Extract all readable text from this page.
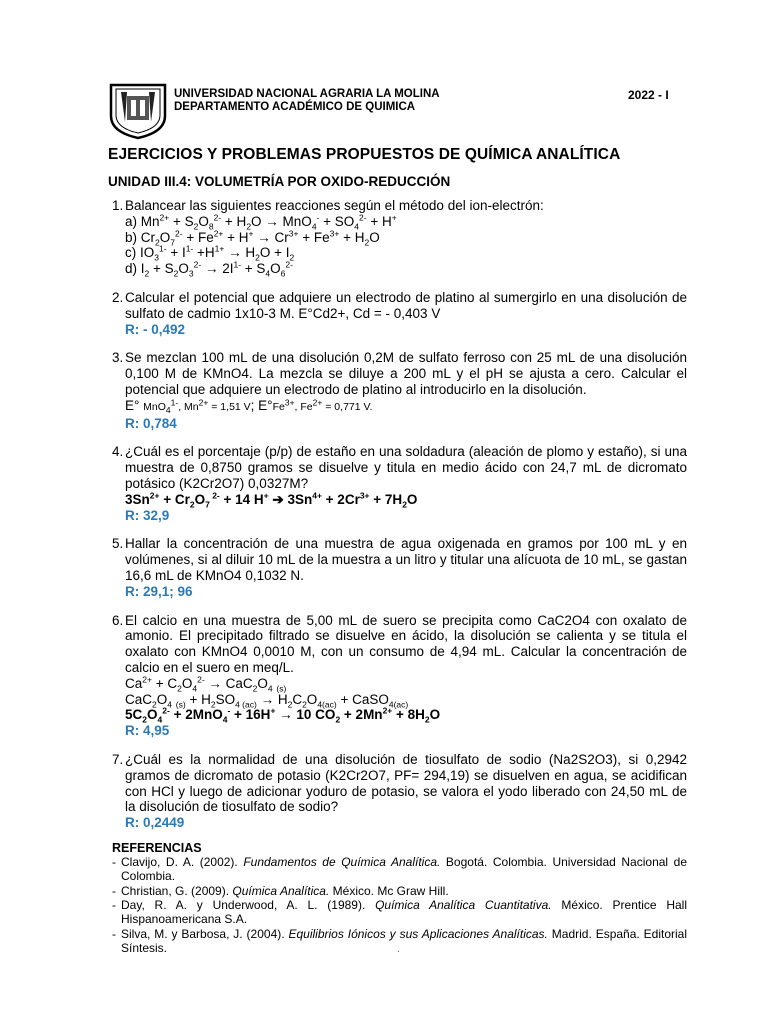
UNIVERSIDAD NACIONAL AGRARIA LA MOLINA
DEPARTAMENTO ACADÉMICO DE QUIMICA
2022 - I
EJERCICIOS Y PROBLEMAS PROPUESTOS DE QUÍMICA ANALÍTICA
UNIDAD III.4: VOLUMETRÍA POR OXIDO-REDUCCIÓN
1. Balancear las siguientes reacciones según el método del ion-electrón:
a) $Mn^{2+} + S_2O_8^{2-} + H_2O \to MnO_4^- + SO_4^{2-} + H^+$
b) $Cr_2O_7^{2-} + Fe^{2+} + H^+ \to Cr^{3+} + Fe^{3+} + H_2O$
c) $IO_3^{1-} + I^{1-} +H^{1+} \to H_2O + I_2$
d) $I_2 + S_2O_3^{2-} \to 2I^{1-} + S_4O_6^{2-}$
2. Calcular el potencial que adquiere un electrodo de platino al sumergirlo en una disolución de sulfato de cadmio 1x10-3 M. E°Cd2+, Cd = - 0,403 V
R: - 0,492
3. Se mezclan 100 mL de una disolución 0,2M de sulfato ferroso con 25 mL de una disolución 0,100 M de KMnO4. La mezcla se diluye a 200 mL y el pH se ajusta a cero. Calcular el potencial que adquiere un electrodo de platino al introducirlo en la disolución.
E° MnO$_4^{1-}$, $Mn^{2+} = 1,51$ V; $E^\circ Fe^{3+}$, $Fe^{2+} = 0,771$ V.
R: 0,784
4. ¿Cuál es el porcentaje (p/p) de estaño en una soldadura (aleación de plomo y estaño), si una muestra de 0,8750 gramos se disuelve y titula en medio ácido con 24,7 mL de dicromato potásico (K2Cr2O7) 0,0327M?
$3Sn^{2+} + Cr_2O_7$ $^{2-}$ + 14 H+ ➔ $3Sn^{4+} + 2Cr^{3+} + 7H_2O$
R: 32,9
5. Hallar la concentración de una muestra de agua oxigenada en gramos por 100 mL y en volúmenes, si al diluir 10 mL de la muestra a un litro y titular una alícuota de 10 mL, se gastan 16,6 mL de KMnO4 0,1032 N.
R: 29,1; 96
6. El calcio en una muestra de 5,00 mL de suero se precipita como CaC2O4 con oxalato de amonio. El precipitado filtrado se disuelve en ácido, la disolución se calienta y se titula el oxalato con KMnO4 0,0010 M, con un consumo de 4,94 mL. Calcular la concentración de calcio en el suero en meq/L.
$Ca^{2+} + C_2O_4^{2-} \to CaC_2O_4$ $_{(s)}$
$CaC_2O_4$ $_{(s)} + H_2SO_{4 (ac)} \to H_2C_2O_{4(ac)}$ + CaSO$_{4(ac)}$
$5C_2O_4^{2-} + 2MnO_4^- + 16H^+ \to 10$ $CO_2 + 2Mn^{2+} + 8H_2O$
R: 4,95
7. ¿Cuál es la normalidad de una disolución de tiosulfato de sodio (Na2S2O3), si 0,2942 gramos de dicromato de potasio (K2Cr2O7, PF= 294,19) se disuelven en agua, se acidifican con HCl y luego de adicionar yoduro de potasio, se valora el yodo liberado con 24,50 mL de la disolución de tiosulfato de sodio?
R: 0,2449
REFERENCIAS
- Clavijo, D. A. (2002). Fundamentos de Química Analítica. Bogotá. Colombia. Universidad Nacional de Colombia.
- Christian, G. (2009). Química Analítica. México. Mc Graw Hill.
- Day, R. A. y Underwood, A. L. (1989). Química Analítica Cuantitativa. México. Prentice Hall Hispanoamericana S.A.
- Silva, M. y Barbosa, J. (2004). Equilibrios Iónicos y sus Aplicaciones Analíticas. Madrid. España. Editorial Síntesis.	.
